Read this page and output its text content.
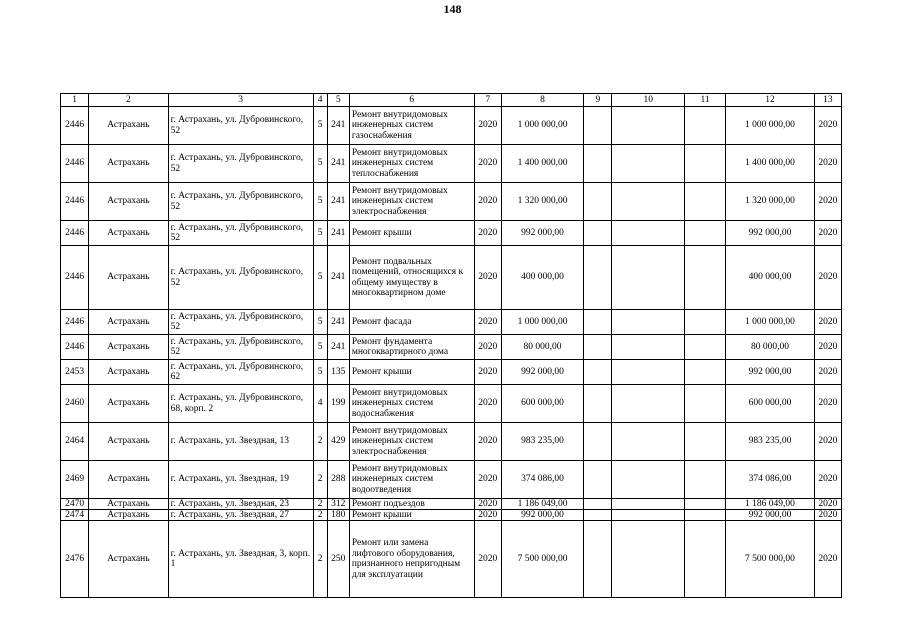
148
1	2	3	4	5	6	7	8	9	10	11	12	13
2446	Астрахань	г. Астрахань, ул. Дубровинского, 52	5	241	Ремонт внутридомовых инженерных систем газоснабжения	2020	1 000 000,00				1 000 000,00	2020
2446	Астрахань	г. Астрахань, ул. Дубровинского, 52	5	241	Ремонт внутридомовых инженерных систем теплоснабжения	2020	1 400 000,00				1 400 000,00	2020
2446	Астрахань	г. Астрахань, ул. Дубровинского, 52	5	241	Ремонт внутридомовых инженерных систем электроснабжения	2020	1 320 000,00				1 320 000,00	2020
2446	Астрахань	г. Астрахань, ул. Дубровинского, 52	5	241	Ремонт крыши	2020	992 000,00				992 000,00	2020
2446	Астрахань	г. Астрахань, ул. Дубровинского, 52	5	241	Ремонт подвальных помещений, относящихся к общему имуществу в многоквартирном доме	2020	400 000,00				400 000,00	2020
2446	Астрахань	г. Астрахань, ул. Дубровинского, 52	5	241	Ремонт фасада	2020	1 000 000,00				1 000 000,00	2020
2446	Астрахань	г. Астрахань, ул. Дубровинского, 52	5	241	Ремонт фундамента многоквартирного дома	2020	80 000,00				80 000,00	2020
2453	Астрахань	г. Астрахань, ул. Дубровинского, 62	5	135	Ремонт крыши	2020	992 000,00				992 000,00	2020
2460	Астрахань	г. Астрахань, ул. Дубровинского, 68, корп. 2	4	199	Ремонт внутридомовых инженерных систем водоснабжения	2020	600 000,00				600 000,00	2020
2464	Астрахань	г. Астрахань, ул. Звездная, 13	2	429	Ремонт внутридомовых инженерных систем электроснабжения	2020	983 235,00				983 235,00	2020
2469	Астрахань	г. Астрахань, ул. Звездная, 19	2	288	Ремонт внутридомовых инженерных систем водоотведения	2020	374 086,00				374 086,00	2020
2470	Астрахань	г. Астрахань, ул. Звездная, 23	2	312	Ремонт подъездов	2020	1 186 049,00				1 186 049,00	2020
2474	Астрахань	г. Астрахань, ул. Звездная, 27	2	180	Ремонт крыши	2020	992 000,00				992 000,00	2020
2476	Астрахань	г. Астрахань, ул. Звездная, 3, корп. 1	2	250	Ремонт или замена лифтового оборудования, признанного непригодным для эксплуатации	2020	7 500 000,00				7 500 000,00	2020
